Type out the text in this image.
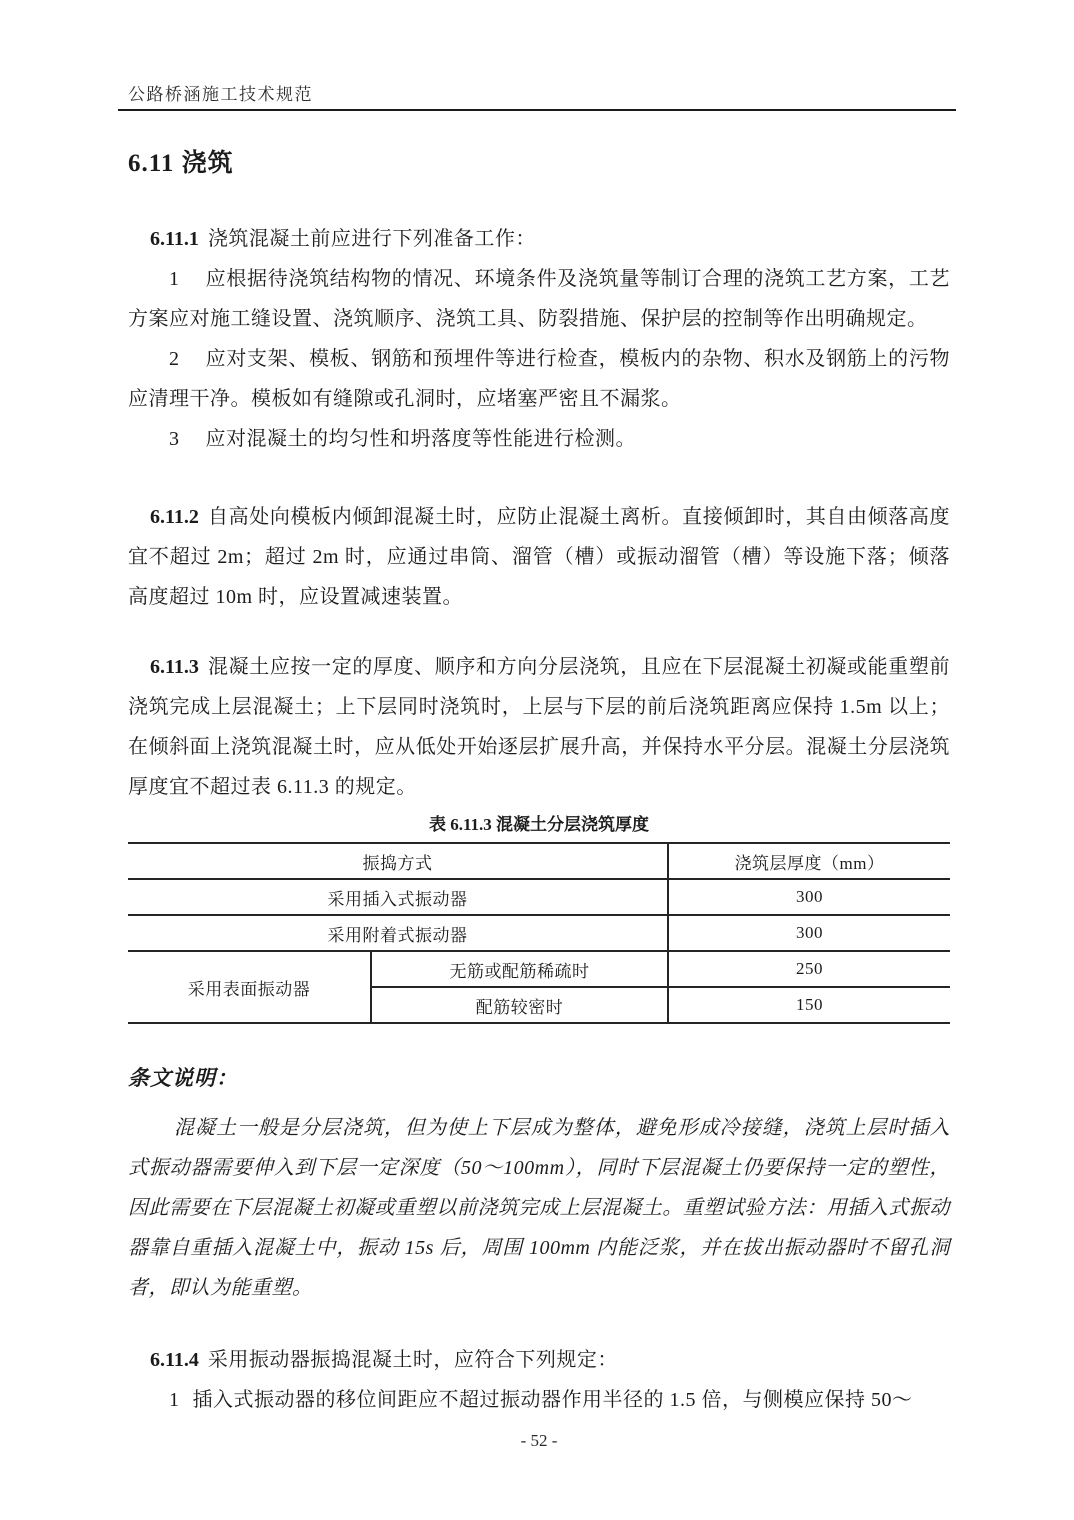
公路桥涵施工技术规范
6.11 浇筑

6.11.1 浇筑混凝土前应进行下列准备工作：

1 应根据待浇筑结构物的情况、环境条件及浇筑量等制订合理的浇筑工艺方案，工艺方案应对施工缝设置、浇筑顺序、浇筑工具、防裂措施、保护层的控制等作出明确规定。

2 应对支架、模板、钢筋和预埋件等进行检查，模板内的杂物、积水及钢筋上的污物应清理干净。模板如有缝隙或孔洞时，应堵塞严密且不漏浆。

3 应对混凝土的均匀性和坍落度等性能进行检测。

6.11.2 自高处向模板内倾卸混凝土时，应防止混凝土离析。直接倾卸时，其自由倾落高度宜不超过 2m；超过 2m 时，应通过串筒、溜管（槽）或振动溜管（槽）等设施下落；倾落高度超过 10m 时，应设置减速装置。

6.11.3 混凝土应按一定的厚度、顺序和方向分层浇筑，且应在下层混凝土初凝或能重塑前浇筑完成上层混凝土；上下层同时浇筑时，上层与下层的前后浇筑距离应保持 1.5m 以上；在倾斜面上浇筑混凝土时，应从低处开始逐层扩展升高，并保持水平分层。混凝土分层浇筑厚度宜不超过表 6.11.3 的规定。

表 6.11.3 混凝土分层浇筑厚度
振捣方式		浇筑层厚度（mm）
采用插入式振动器		300
采用附着式振动器		300
采用表面振动器	无筋或配筋稀疏时	250
	配筋较密时	150
条文说明：

混凝土一般是分层浇筑，但为使上下层成为整体，避免形成冷接缝，浇筑上层时插入式振动器需要伸入到下层一定深度（50～100mm），同时下层混凝土仍要保持一定的塑性，因此需要在下层混凝土初凝或重塑以前浇筑完成上层混凝土。重塑试验方法：用插入式振动器靠自重插入混凝土中，振动 15s 后，周围 100mm 内能泛浆，并在拔出振动器时不留孔洞者，即认为能重塑。

6.11.4 采用振动器振捣混凝土时，应符合下列规定：

1 插入式振动器的移位间距应不超过振动器作用半径的 1.5 倍，与侧模应保持 50～

- 52 -
